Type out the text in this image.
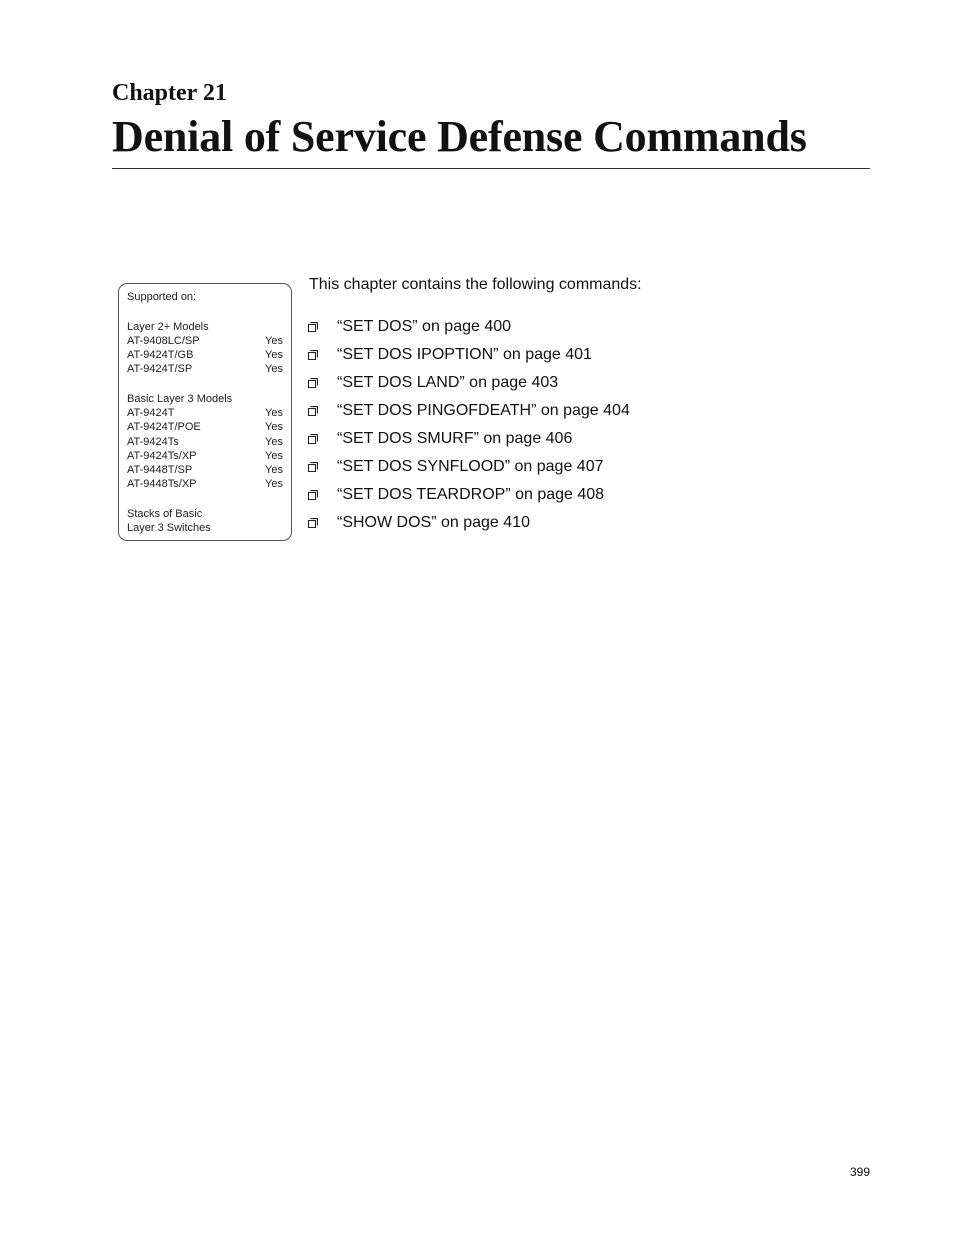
Chapter 21
Denial of Service Defense Commands
Supported on:
Layer 2+ Models
AT-9408LC/SP	Yes
AT-9424T/GB	Yes
AT-9424T/SP	Yes
Basic Layer 3 Models
AT-9424T	Yes
AT-9424T/POE	Yes
AT-9424Ts	Yes
AT-9424Ts/XP	Yes
AT-9448T/SP	Yes
AT-9448Ts/XP	Yes
Stacks of Basic
Layer 3 Switches

This chapter contains the following commands:

“SET DOS” on page 400
“SET DOS IPOPTION” on page 401
“SET DOS LAND” on page 403
“SET DOS PINGOFDEATH” on page 404
“SET DOS SMURF” on page 406
“SET DOS SYNFLOOD” on page 407
“SET DOS TEARDROP” on page 408
“SHOW DOS” on page 410
399
